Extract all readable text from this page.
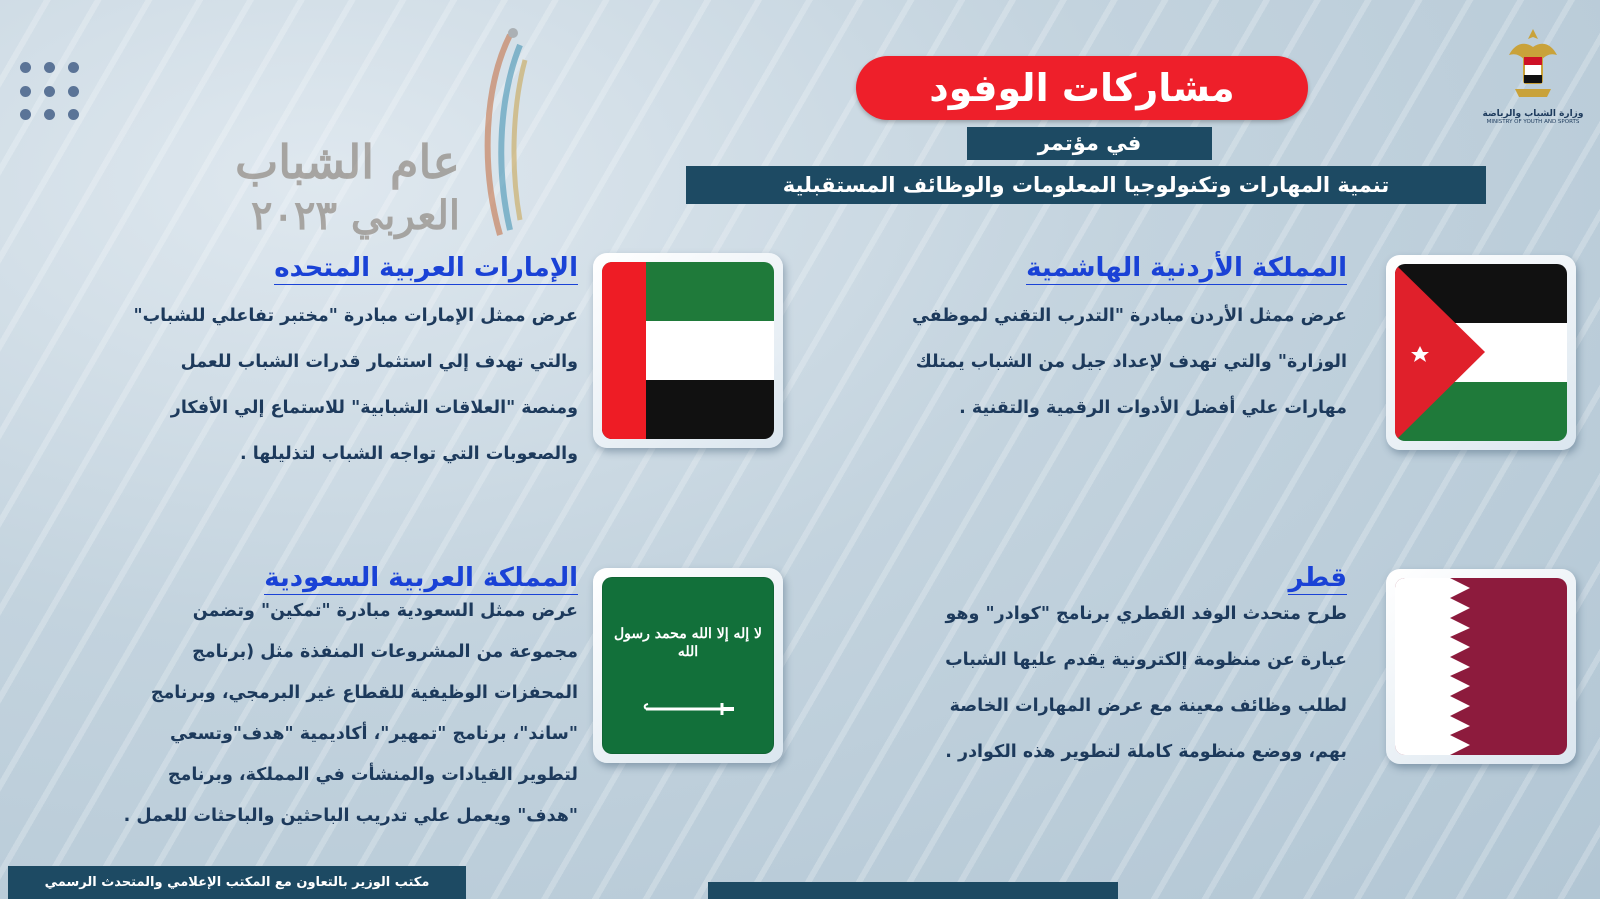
عام الشباب
العربي ٢٠٢٣
وزارة الشباب والرياضة
MINISTRY OF YOUTH AND SPORTS
مشاركات الوفود
في مؤتمر
تنمية المهارات وتكنولوجيا المعلومات والوظائف المستقبلية
المملكة الأردنية الهاشمية
عرض ممثل الأردن مبادرة "التدرب التقني لموظفي
الوزارة" والتي تهدف لإعداد جيل من الشباب يمتلك
مهارات علي أفضل الأدوات الرقمية والتقنية .
الإمارات العربية المتحده
عرض ممثل الإمارات مبادرة "مختبر تفاعلي للشباب"
والتي تهدف إلي استثمار قدرات الشباب للعمل
ومنصة "العلاقات الشبابية" للاستماع إلي الأفكار
والصعوبات التي تواجه الشباب لتذليلها .
قطر
طرح متحدث الوفد القطري برنامج "كوادر" وهو
عبارة عن منظومة إلكترونية يقدم عليها الشباب
لطلب وظائف معينة مع عرض المهارات الخاصة
بهم، ووضع منظومة كاملة لتطوير هذه الكوادر .
لا إله إلا الله محمد رسول الله
المملكة العربية السعودية
عرض ممثل السعودية مبادرة "تمكين" وتضمن
مجموعة من المشروعات المنفذة مثل (برنامج
المحفزات الوظيفية للقطاع غير البرمجي، وبرنامج
"ساند"، برنامج "تمهير"، أكاديمية "هدف"وتسعي
لتطوير القيادات والمنشأت في المملكة، وبرنامج
"هدف" ويعمل علي تدريب الباحثين والباحثات للعمل .
مكتب الوزير بالتعاون مع المكتب الإعلامي والمتحدث الرسمي
